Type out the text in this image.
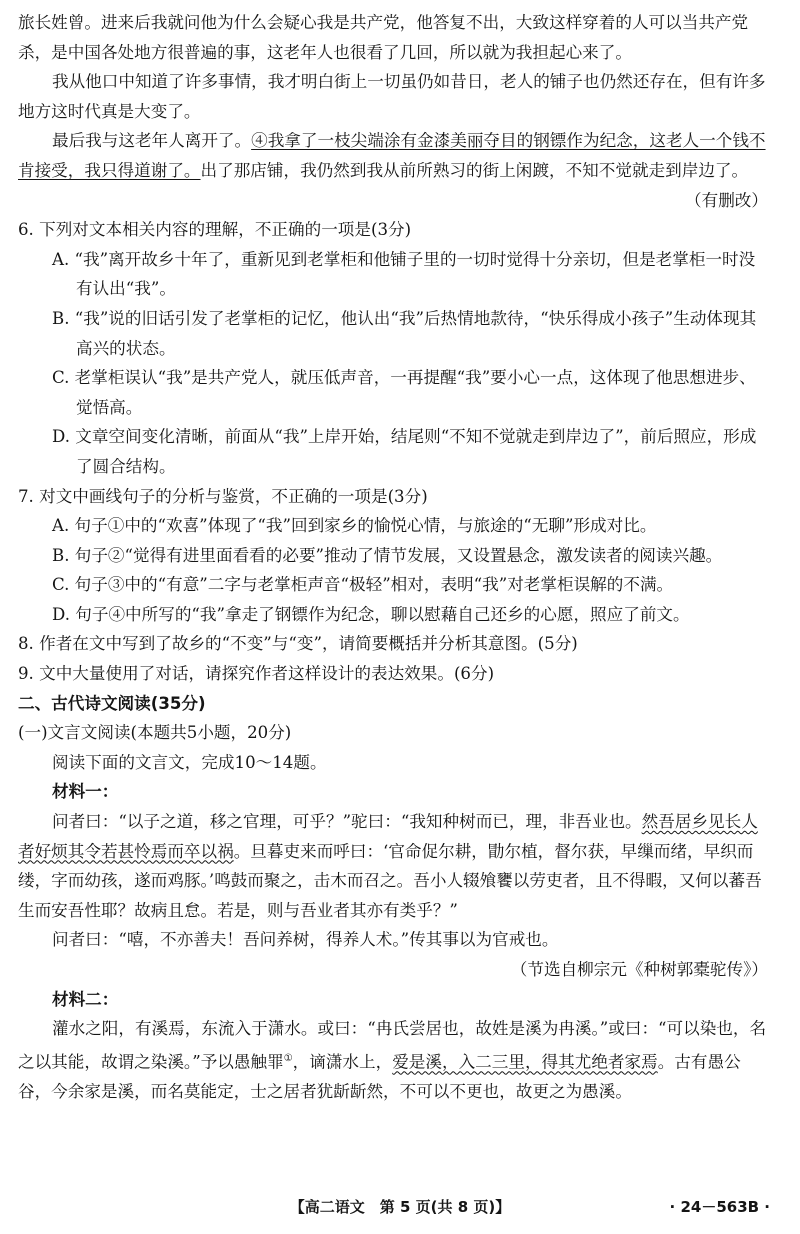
旅长姓曾。进来后我就问他为什么会疑心我是共产党，他答复不出，大致这样穿着的人可以当共产党杀，是中国各处地方很普遍的事，这老年人也很看了几回，所以就为我担起心来了。

我从他口中知道了许多事情，我才明白街上一切虽仍如昔日，老人的铺子也仍然还存在，但有许多地方这时代真是大变了。

最后我与这老年人离开了。④我拿了一枝尖端涂有金漆美丽夺目的钢镖作为纪念，这老人一个钱不肯接受，我只得道谢了。出了那店铺，我仍然到我从前所熟习的街上闲踱，不知不觉就走到岸边了。

（有删改）

6. 下列对文本相关内容的理解，不正确的一项是(3分)

A. “我”离开故乡十年了，重新见到老掌柜和他铺子里的一切时觉得十分亲切，但是老掌柜一时没有认出“我”。

B. “我”说的旧话引发了老掌柜的记忆，他认出“我”后热情地款待，“快乐得成小孩子”生动体现其高兴的状态。

C. 老掌柜误认“我”是共产党人，就压低声音，一再提醒“我”要小心一点，这体现了他思想进步、觉悟高。

D. 文章空间变化清晰，前面从“我”上岸开始，结尾则“不知不觉就走到岸边了”，前后照应，形成了圆合结构。

7. 对文中画线句子的分析与鉴赏，不正确的一项是(3分)

A. 句子①中的“欢喜”体现了“我”回到家乡的愉悦心情，与旅途的“无聊”形成对比。

B. 句子②“觉得有进里面看看的必要”推动了情节发展，又设置悬念，激发读者的阅读兴趣。

C. 句子③中的“有意”二字与老掌柜声音“极轻”相对，表明“我”对老掌柜误解的不满。

D. 句子④中所写的“我”拿走了钢镖作为纪念，聊以慰藉自己还乡的心愿，照应了前文。

8. 作者在文中写到了故乡的“不变”与“变”，请简要概括并分析其意图。(5分)

9. 文中大量使用了对话，请探究作者这样设计的表达效果。(6分)

二、古代诗文阅读(35分)

(一)文言文阅读(本题共5小题，20分)

阅读下面的文言文，完成10～14题。

材料一：

问者曰：“以子之道，移之官理，可乎？”驼曰：“我知种树而已，理，非吾业也。然吾居乡见长人者好烦其令若甚怜焉而卒以祸。旦暮吏来而呼曰：‘官命促尔耕，勖尔植，督尔获，早缫而绪，早织而缕，字而幼孩，遂而鸡豚。’鸣鼓而聚之，击木而召之。吾小人辍飧饔以劳吏者，且不得暇，又何以蕃吾生而安吾性耶？故病且怠。若是，则与吾业者其亦有类乎？”

问者曰：“嘻，不亦善夫！吾问养树，得养人术。”传其事以为官戒也。

（节选自柳宗元《种树郭橐驼传》）

材料二：

灌水之阳，有溪焉，东流入于潇水。或曰：“冉氏尝居也，故姓是溪为冉溪。”或曰：“可以染也，名之以其能，故谓之染溪。”予以愚触罪①，谪潇水上，爱是溪，入二三里，得其尤绝者家焉。古有愚公谷，今余家是溪，而名莫能定，士之居者犹龂龂然，不可以不更也，故更之为愚溪。

【高二语文　第 5 页(共 8 页)】	· 24－563B ·
